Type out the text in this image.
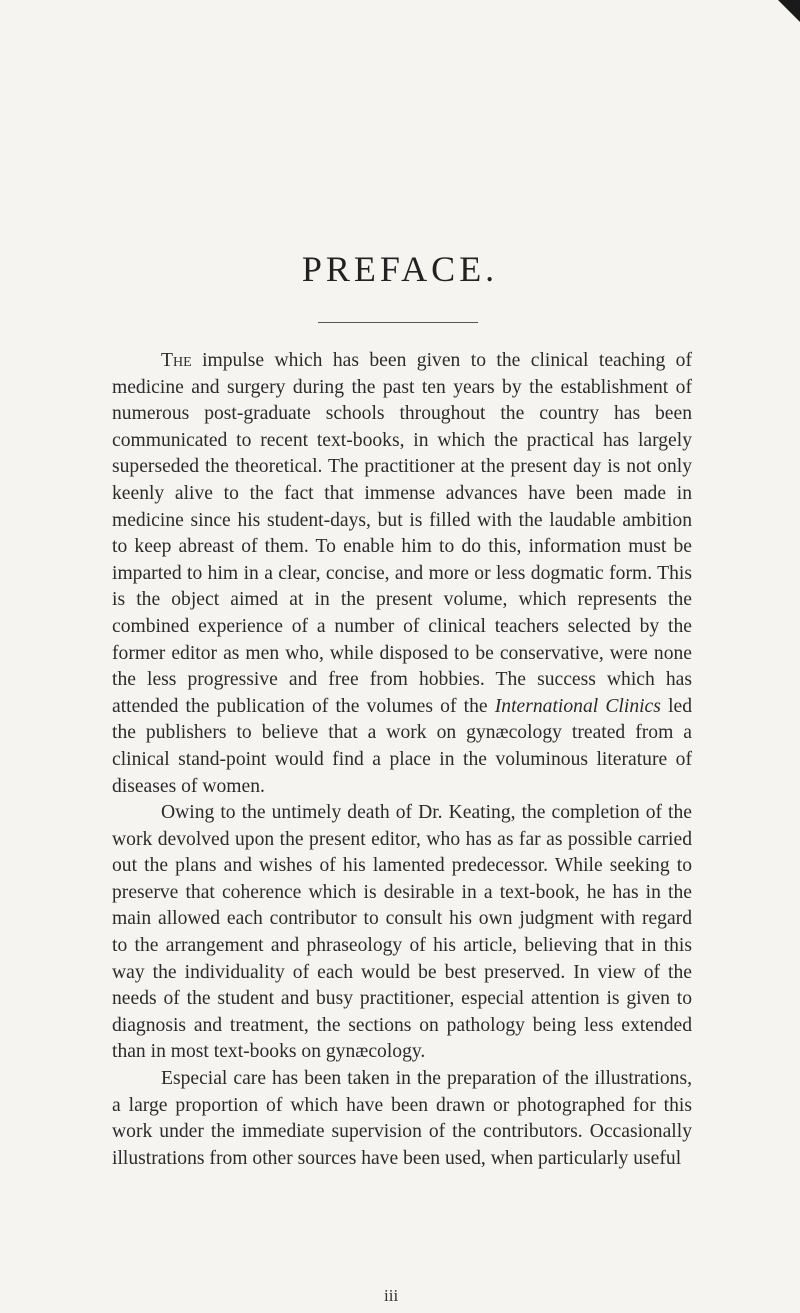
PREFACE.

The impulse which has been given to the clinical teaching of medicine and surgery during the past ten years by the establishment of numerous post-graduate schools throughout the country has been communicated to recent text-books, in which the practical has largely superseded the theoretical. The practitioner at the present day is not only keenly alive to the fact that immense advances have been made in medicine since his student-days, but is filled with the laudable ambition to keep abreast of them. To enable him to do this, information must be imparted to him in a clear, concise, and more or less dogmatic form. This is the object aimed at in the present volume, which represents the combined experience of a number of clinical teachers selected by the former editor as men who, while disposed to be conservative, were none the less progressive and free from hobbies. The success which has attended the publication of the volumes of the International Clinics led the publishers to believe that a work on gynæcology treated from a clinical stand-point would find a place in the voluminous literature of diseases of women.

Owing to the untimely death of Dr. Keating, the completion of the work devolved upon the present editor, who has as far as possible carried out the plans and wishes of his lamented predecessor. While seeking to preserve that coherence which is desirable in a text-book, he has in the main allowed each contributor to consult his own judgment with regard to the arrangement and phraseology of his article, believing that in this way the individuality of each would be best preserved. In view of the needs of the student and busy practitioner, especial attention is given to diagnosis and treatment, the sections on pathology being less extended than in most text-books on gynæcology.

Especial care has been taken in the preparation of the illustrations, a large proportion of which have been drawn or photographed for this work under the immediate supervision of the contributors. Occasionally illustrations from other sources have been used, when particularly useful

iii
